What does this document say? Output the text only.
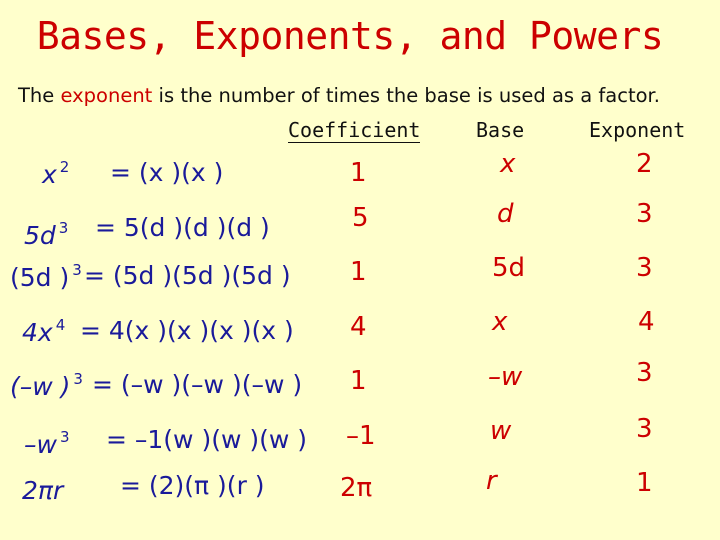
Bases, Exponents, and Powers
The exponent is the number of times the base is used as a factor.
Coefficient	Base	Exponent
x $^2$ = (x )(x )	1	x	2
5d $^3$ = 5(d )(d )(d )	5	d	3
(5d ) $^3$ = (5d )(5d )(5d ) 1	5d	3
4x $^4$ = 4(x )(x )(x )(x ) 4	x	4
(–w ) $^3$ = (–w )(–w )(–w ) 1	–w	3
–w $^3$ = –1(w )(w )(w ) –1	w	3
2πr = (2)(π )(r )	2π	r	1
